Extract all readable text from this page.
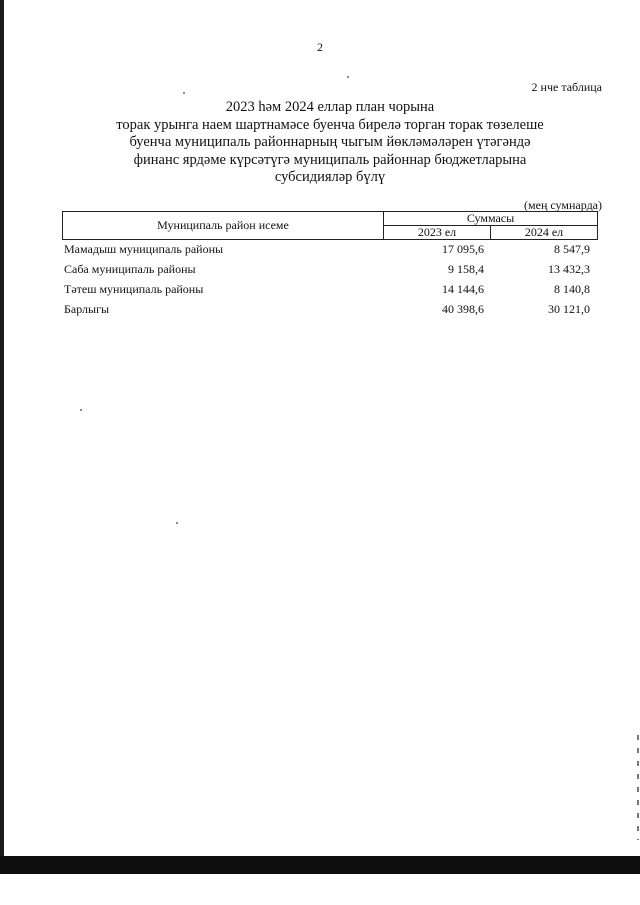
2
2 нче таблица
2023 һәм 2024 еллар план чорына
торак урынга наем шартнамәсе буенча бирелә торган торак төзелеше
буенча муниципаль районнарның чыгым йөкләмәләрен үтәгәндә
финанс ярдәме күрсәтүгә муниципаль районнар бюджетларына
субсидияләр бүлү
(мең сумнарда)
Муниципаль район исеме	Суммасы	
	2023 ел	2024 ел
Мамадыш муниципаль районы	17 095,6	8 547,9
Саба муниципаль районы	9 158,4	13 432,3
Тәтеш муниципаль районы	14 144,6	8 140,8
Барлыгы	40 398,6	30 121,0
